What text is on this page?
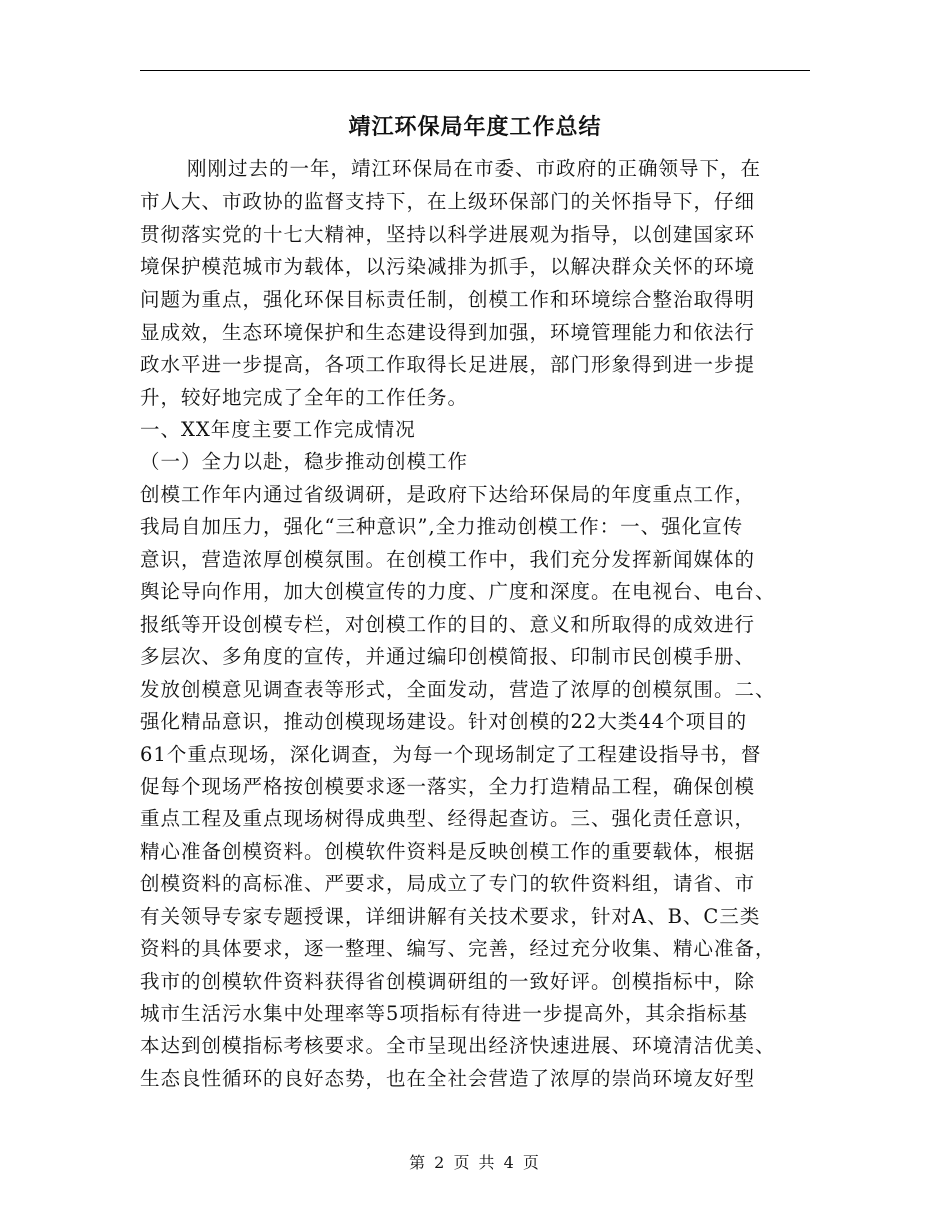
靖江环保局年度工作总结
刚刚过去的一年，靖江环保局在市委、市政府的正确领导下，在
市人大、市政协的监督支持下，在上级环保部门的关怀指导下，仔细
贯彻落实党的十七大精神，坚持以科学进展观为指导，以创建国家环
境保护模范城市为载体，以污染减排为抓手，以解决群众关怀的环境
问题为重点，强化环保目标责任制，创模工作和环境综合整治取得明
显成效，生态环境保护和生态建设得到加强，环境管理能力和依法行
政水平进一步提高，各项工作取得长足进展，部门形象得到进一步提
升，较好地完成了全年的工作任务。
一、XX年度主要工作完成情况
（一）全力以赴，稳步推动创模工作
创模工作年内通过省级调研，是政府下达给环保局的年度重点工作，
我局自加压力，强化“三种意识”,全力推动创模工作：一、强化宣传
意识，营造浓厚创模氛围。在创模工作中，我们充分发挥新闻媒体的
舆论导向作用，加大创模宣传的力度、广度和深度。在电视台、电台、
报纸等开设创模专栏，对创模工作的目的、意义和所取得的成效进行
多层次、多角度的宣传，并通过编印创模简报、印制市民创模手册、
发放创模意见调查表等形式，全面发动，营造了浓厚的创模氛围。二、
强化精品意识，推动创模现场建设。针对创模的22大类44个项目的
61个重点现场，深化调查，为每一个现场制定了工程建设指导书，督
促每个现场严格按创模要求逐一落实，全力打造精品工程，确保创模
重点工程及重点现场树得成典型、经得起查访。三、强化责任意识，
精心准备创模资料。创模软件资料是反映创模工作的重要载体，根据
创模资料的高标准、严要求，局成立了专门的软件资料组，请省、市
有关领导专家专题授课，详细讲解有关技术要求，针对A、B、C三类
资料的具体要求，逐一整理、编写、完善，经过充分收集、精心准备，
我市的创模软件资料获得省创模调研组的一致好评。创模指标中，除
城市生活污水集中处理率等5项指标有待进一步提高外，其余指标基
本达到创模指标考核要求。全市呈现出经济快速进展、环境清洁优美、
生态良性循环的良好态势，也在全社会营造了浓厚的崇尚环境友好型
第 2 页 共 4 页
